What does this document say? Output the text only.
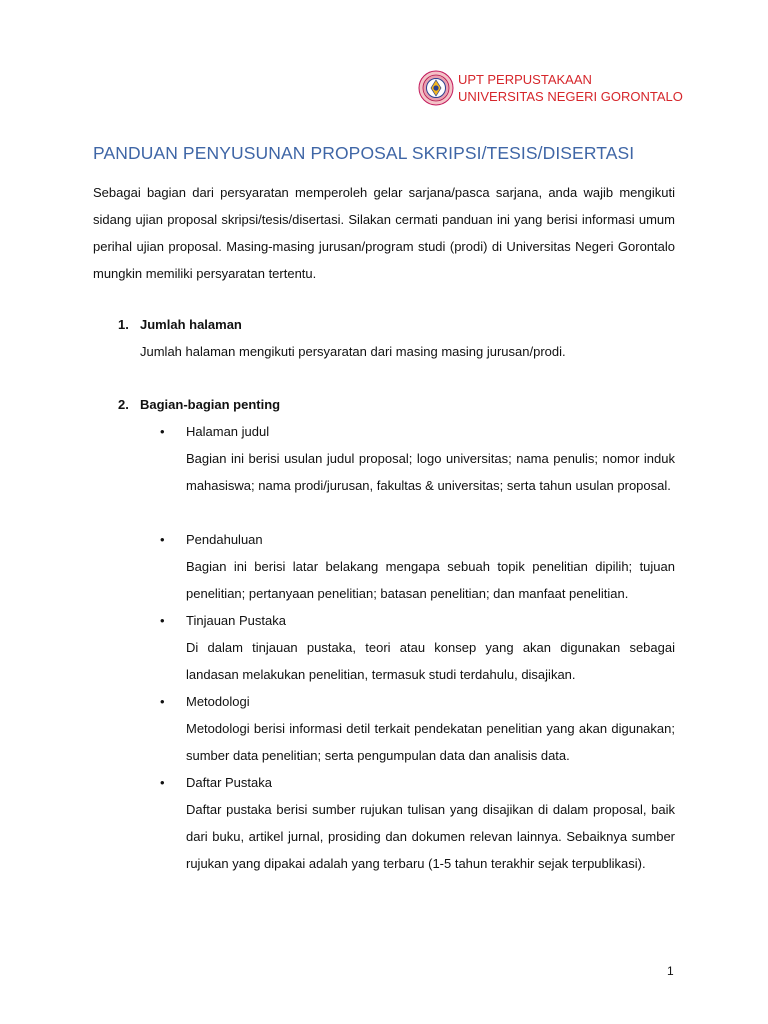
UPT PERPUSTAKAAN
UNIVERSITAS NEGERI GORONTALO
PANDUAN PENYUSUNAN PROPOSAL SKRIPSI/TESIS/DISERTASI
Sebagai bagian dari persyaratan memperoleh gelar sarjana/pasca sarjana, anda wajib mengikuti sidang ujian proposal skripsi/tesis/disertasi. Silakan cermati panduan ini yang berisi informasi umum perihal ujian proposal. Masing-masing jurusan/program studi (prodi) di Universitas Negeri Gorontalo mungkin memiliki persyaratan tertentu.
1. Jumlah halaman
Jumlah halaman mengikuti persyaratan dari masing masing jurusan/prodi.
2. Bagian-bagian penting
• Halaman judul
Bagian ini berisi usulan judul proposal; logo universitas; nama penulis; nomor induk mahasiswa; nama prodi/jurusan, fakultas & universitas; serta tahun usulan proposal.
• Pendahuluan
Bagian ini berisi latar belakang mengapa sebuah topik penelitian dipilih; tujuan penelitian; pertanyaan penelitian; batasan penelitian; dan manfaat penelitian.
• Tinjauan Pustaka
Di dalam tinjauan pustaka, teori atau konsep yang akan digunakan sebagai landasan melakukan penelitian, termasuk studi terdahulu, disajikan.
• Metodologi
Metodologi berisi informasi detil terkait pendekatan penelitian yang akan digunakan; sumber data penelitian; serta pengumpulan data dan analisis data.
• Daftar Pustaka
Daftar pustaka berisi sumber rujukan tulisan yang disajikan di dalam proposal, baik dari buku, artikel jurnal, prosiding dan dokumen relevan lainnya. Sebaiknya sumber rujukan yang dipakai adalah yang terbaru (1-5 tahun terakhir sejak terpublikasi).
1
